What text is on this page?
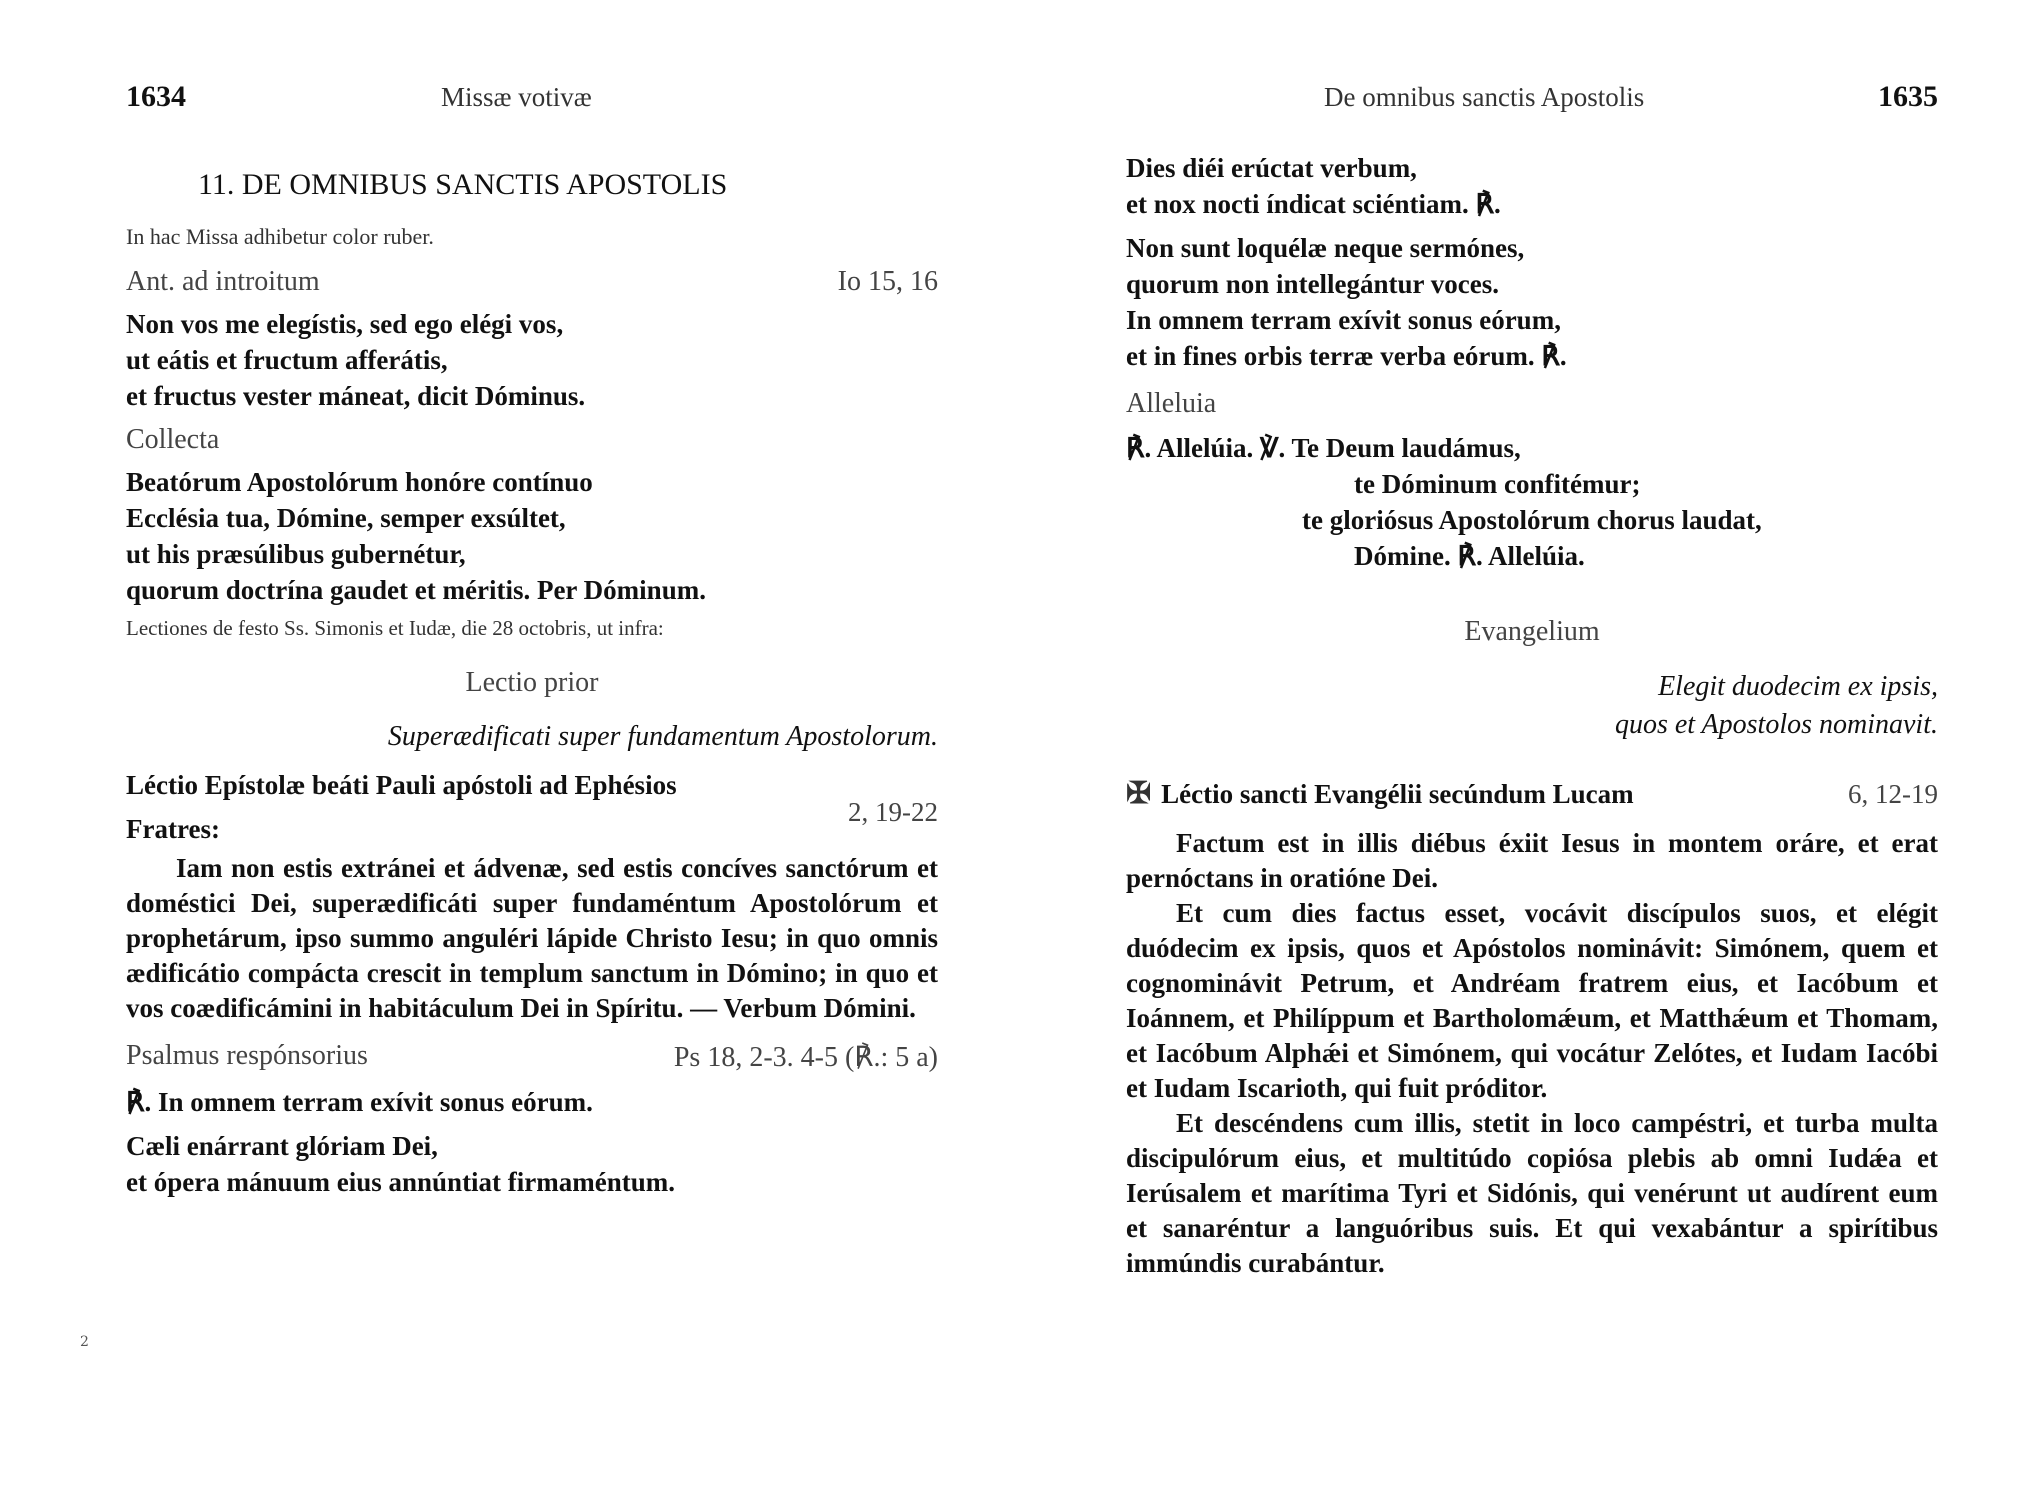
1634	Missæ votivæ
11. DE OMNIBUS SANCTIS APOSTOLIS
In hac Missa adhibetur color ruber.
Ant. ad introitum	Io 15, 16
Non vos me elegístis, sed ego elégi vos,
ut eátis et fructum afferátis,
et fructus vester máneat, dicit Dóminus.
Collecta
Beatórum Apostolórum honóre contínuo
Ecclésia tua, Dómine, semper exsúltet,
ut his præsúlibus gubernétur,
quorum doctrína gaudet et méritis. Per Dóminum.
Lectiones de festo Ss. Simonis et Iudæ, die 28 octobris, ut infra:
Lectio prior
Superædificati super fundamentum Apostolorum.
Léctio Epístolæ beáti Pauli apóstoli ad Ephésios
Fratres:
2, 19-22

Iam non estis extránei et ádvenæ, sed estis concíves sanctórum et doméstici Dei, superædificáti super fundaméntum Apostolórum et prophetárum, ipso summo anguléri lápide Christo Iesu; in quo omnis ædificátio compácta crescit in templum sanctum in Dómino; in quo et vos coædificámini in habitáculum Dei in Spíritu. — Verbum Dómini.

Psalmus respónsorius	Ps 18, 2-3. 4-5 (℟.: 5 a)
℟. In omnem terram exívit sonus eórum.
Cæli enárrant glóriam Dei,
et ópera mánuum eius annúntiat firmaméntum.
2
De omnibus sanctis Apostolis	1635
Dies diéi erúctat verbum,
et nox nocti índicat sciéntiam. ℟.
Non sunt loquélæ neque sermónes,
quorum non intellegántur voces.
In omnem terram exívit sonus eórum,
et in fines orbis terræ verba eórum. ℟.
Alleluia
℟. Allelúia. ℣. Te Deum laudámus,
te Dóminum confitémur;
te gloriósus Apostolórum chorus laudat,
Dómine. ℟. Allelúia.
Evangelium
Elegit duodecim ex ipsis,
quos et Apostolos nominavit.
✠ Léctio sancti Evangélii secúndum Lucam	6, 12-19

Factum est in illis diébus éxiit Iesus in montem oráre, et erat pernóctans in oratióne Dei.

Et cum dies factus esset, vocávit discípulos suos, et elégit duódecim ex ipsis, quos et Apóstolos nominávit: Simónem, quem et cognominávit Petrum, et Andréam fratrem eius, et Iacóbum et Ioánnem, et Philíppum et Bartholomǽum, et Matthǽum et Thomam, et Iacóbum Alphǽi et Simónem, qui vocátur Zelótes, et Iudam Iacóbi et Iudam Iscarioth, qui fuit próditor.

Et descéndens cum illis, stetit in loco campéstri, et turba multa discipulórum eius, et multitúdo copiósa plebis ab omni Iudǽa et Ierúsalem et marítima Tyri et Sidónis, qui venérunt ut audírent eum et sanaréntur a languóribus suis. Et qui vexabántur a spirítibus immúndis curabántur.
